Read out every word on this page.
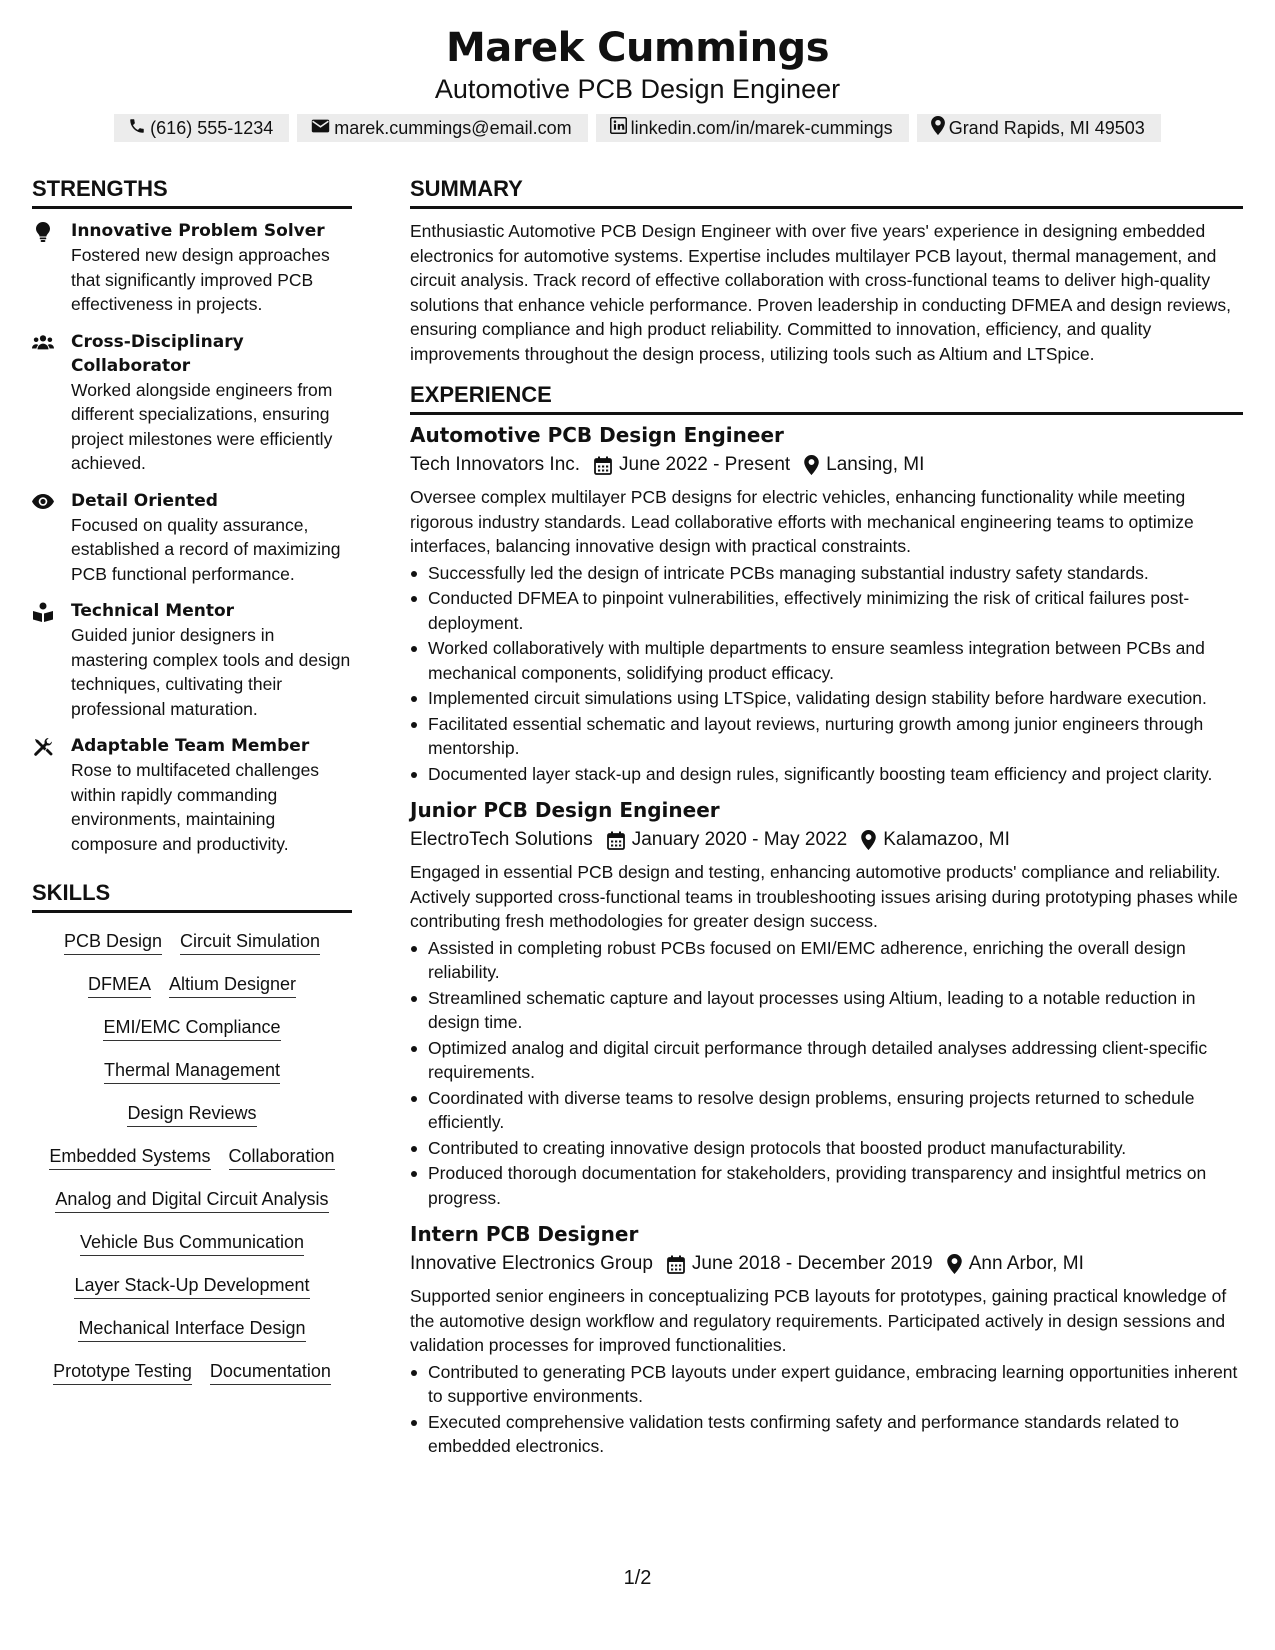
Marek Cummings
Automotive PCB Design Engineer
(616) 555-1234	marek.cummings@email.com	linkedin.com/in/marek-cummings	Grand Rapids, MI 49503
STRENGTHS
Innovative Problem Solver
Fostered new design approaches that significantly improved PCB effectiveness in projects.
Cross-Disciplinary Collaborator
Worked alongside engineers from different specializations, ensuring project milestones were efficiently achieved.
Detail Oriented
Focused on quality assurance, established a record of maximizing PCB functional performance.
Technical Mentor
Guided junior designers in mastering complex tools and design techniques, cultivating their professional maturation.
Adaptable Team Member
Rose to multifaceted challenges within rapidly commanding environments, maintaining composure and productivity.
SKILLS
PCB Design Circuit Simulation
DFMEA Altium Designer
EMI/EMC Compliance
Thermal Management
Design Reviews
Embedded Systems Collaboration
Analog and Digital Circuit Analysis
Vehicle Bus Communication
Layer Stack-Up Development
Mechanical Interface Design
Prototype Testing Documentation
SUMMARY
Enthusiastic Automotive PCB Design Engineer with over five years' experience in designing embedded electronics for automotive systems. Expertise includes multilayer PCB layout, thermal management, and circuit analysis. Track record of effective collaboration with cross-functional teams to deliver high-quality solutions that enhance vehicle performance. Proven leadership in conducting DFMEA and design reviews, ensuring compliance and high product reliability. Committed to innovation, efficiency, and quality improvements throughout the design process, utilizing tools such as Altium and LTSpice.
EXPERIENCE
Automotive PCB Design Engineer
Tech Innovators Inc. June 2022 - Present Lansing, MI
Oversee complex multilayer PCB designs for electric vehicles, enhancing functionality while meeting rigorous industry standards. Lead collaborative efforts with mechanical engineering teams to optimize interfaces, balancing innovative design with practical constraints.
Successfully led the design of intricate PCBs managing substantial industry safety standards.
Conducted DFMEA to pinpoint vulnerabilities, effectively minimizing the risk of critical failures post-deployment.
Worked collaboratively with multiple departments to ensure seamless integration between PCBs and mechanical components, solidifying product efficacy.
Implemented circuit simulations using LTSpice, validating design stability before hardware execution.
Facilitated essential schematic and layout reviews, nurturing growth among junior engineers through mentorship.
Documented layer stack-up and design rules, significantly boosting team efficiency and project clarity.
Junior PCB Design Engineer
ElectroTech Solutions January 2020 - May 2022 Kalamazoo, MI
Engaged in essential PCB design and testing, enhancing automotive products' compliance and reliability. Actively supported cross-functional teams in troubleshooting issues arising during prototyping phases while contributing fresh methodologies for greater design success.
Assisted in completing robust PCBs focused on EMI/EMC adherence, enriching the overall design reliability.
Streamlined schematic capture and layout processes using Altium, leading to a notable reduction in design time.
Optimized analog and digital circuit performance through detailed analyses addressing client-specific requirements.
Coordinated with diverse teams to resolve design problems, ensuring projects returned to schedule efficiently.
Contributed to creating innovative design protocols that boosted product manufacturability.
Produced thorough documentation for stakeholders, providing transparency and insightful metrics on progress.
Intern PCB Designer
Innovative Electronics Group June 2018 - December 2019 Ann Arbor, MI
Supported senior engineers in conceptualizing PCB layouts for prototypes, gaining practical knowledge of the automotive design workflow and regulatory requirements. Participated actively in design sessions and validation processes for improved functionalities.
Contributed to generating PCB layouts under expert guidance, embracing learning opportunities inherent to supportive environments.
Executed comprehensive validation tests confirming safety and performance standards related to embedded electronics.
1/2
